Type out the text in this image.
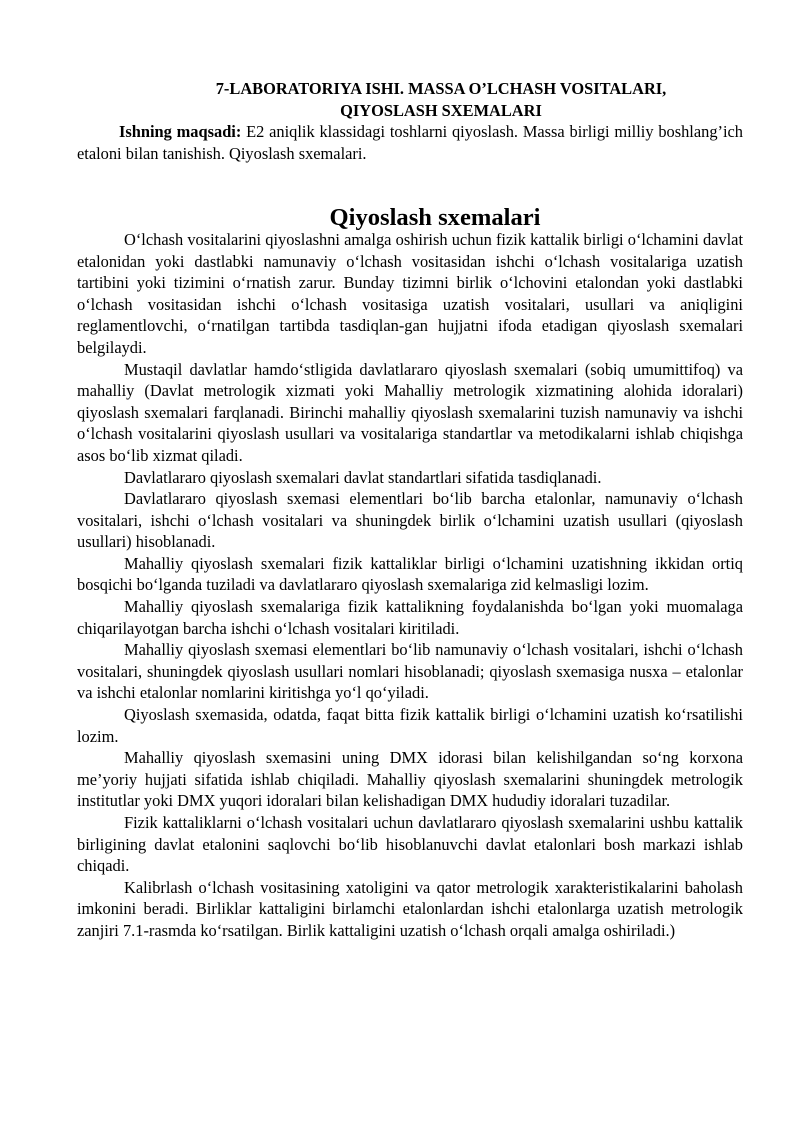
7-LABORATORIYA ISHI. MASSA O’LCHASH VOSITALARI,
QIYOSLASH SXEMALARI

Ishning maqsadi: E2 aniqlik klassidagi toshlarni qiyoslash. Massa birligi milliy boshlang’ich etaloni bilan tanishish. Qiyoslash sxemalari.

Qiyoslash sxemalari

O‘lchash vositalarini qiyoslashni amalga oshirish uchun fizik kattalik birligi o‘lchamini davlat etalonidan yoki dastlabki namunaviy o‘lchash vositasidan ishchi o‘lchash vositalariga uzatish tartibini yoki tizimini o‘rnatish zarur. Bunday tizimni birlik o‘lchovini etalondan yoki dastlabki o‘lchash vositasidan ishchi o‘lchash vositasiga uzatish vositalari, usullari va aniqligini reglamentlovchi, o‘rnatilgan tartibda tasdiqlan-gan hujjatni ifoda etadigan qiyoslash sxemalari belgilaydi.

Mustaqil davlatlar hamdo‘stligida davlatlararo qiyoslash sxemalari (sobiq umumittifoq) va mahalliy (Davlat metrologik xizmati yoki Mahalliy metrologik xizmatining alohida idoralari) qiyoslash sxemalari farqlanadi. Birinchi mahalliy qiyoslash sxemalarini tuzish namunaviy va ishchi o‘lchash vositalarini qiyoslash usullari va vositalariga standartlar va metodikalarni ishlab chiqishga asos bo‘lib xizmat qiladi.

Davlatlararo qiyoslash sxemalari davlat standartlari sifatida tasdiqlanadi.

Davlatlararo qiyoslash sxemasi elementlari bo‘lib barcha etalonlar, namunaviy o‘lchash vositalari, ishchi o‘lchash vositalari va shuningdek birlik o‘lchamini uzatish usullari (qiyoslash usullari) hisoblanadi.

Mahalliy qiyoslash sxemalari fizik kattaliklar birligi o‘lchamini uzatishning ikkidan ortiq bosqichi bo‘lganda tuziladi va davlatlararo qiyoslash sxemalariga zid kelmasligi lozim.

Mahalliy qiyoslash sxemalariga fizik kattalikning foydalanishda bo‘lgan yoki muomalaga chiqarilayotgan barcha ishchi o‘lchash vositalari kiritiladi.

Mahalliy qiyoslash sxemasi elementlari bo‘lib namunaviy o‘lchash vositalari, ishchi o‘lchash vositalari, shuningdek qiyoslash usullari nomlari hisoblanadi; qiyoslash sxemasiga nusxa – etalonlar va ishchi etalonlar nomlarini kiritishga yo‘l qo‘yiladi.

Qiyoslash sxemasida, odatda, faqat bitta fizik kattalik birligi o‘lchamini uzatish ko‘rsatilishi lozim.

Mahalliy qiyoslash sxemasini uning DMX idorasi bilan kelishilgandan so‘ng korxona me’yoriy hujjati sifatida ishlab chiqiladi. Mahalliy qiyoslash sxemalarini shuningdek metrologik institutlar yoki DMX yuqori idoralari bilan kelishadigan DMX hududiy idoralari tuzadilar.

Fizik kattaliklarni o‘lchash vositalari uchun davlatlararo qiyoslash sxemalarini ushbu kattalik birligining davlat etalonini saqlovchi bo‘lib hisoblanuvchi davlat etalonlari bosh markazi ishlab chiqadi.

Kalibrlash o‘lchash vositasining xatoligini va qator metrologik xarakteristikalarini baholash imkonini beradi. Birliklar kattaligini birlamchi etalonlardan ishchi etalonlarga uzatish metrologik zanjiri 7.1-rasmda ko‘rsatilgan. Birlik kattaligini uzatish o‘lchash orqali amalga oshiriladi.)
